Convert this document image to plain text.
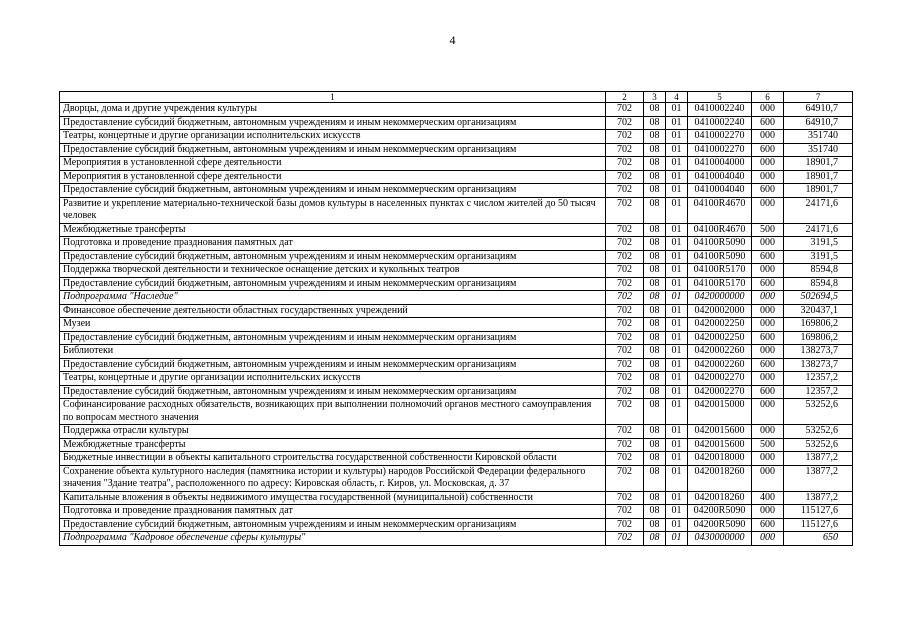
4
1	2	3	4	5	6	7
Дворцы, дома и другие учреждения культуры	702	08	01	0410002240	000	64910,7
Предоставление субсидий бюджетным, автономным учреждениям и иным некоммерческим организациям	702	08	01	0410002240	600	64910,7
Театры, концертные и другие организации исполнительских искусств	702	08	01	0410002270	000	351740
Предоставление субсидий бюджетным, автономным учреждениям и иным некоммерческим организациям	702	08	01	0410002270	600	351740
Мероприятия в установленной сфере деятельности	702	08	01	0410004000	000	18901,7
Мероприятия в установленной сфере деятельности	702	08	01	0410004040	000	18901,7
Предоставление субсидий бюджетным, автономным учреждениям и иным некоммерческим организациям	702	08	01	0410004040	600	18901,7
Развитие и укрепление материально-технической базы домов культуры в населенных пунктах с числом жителей до 50 тысяч человек	702	08	01	04100R4670	000	24171,6
Межбюджетные трансферты	702	08	01	04100R4670	500	24171,6
Подготовка и проведение празднования памятных дат	702	08	01	04100R5090	000	3191,5
Предоставление субсидий бюджетным, автономным учреждениям и иным некоммерческим организациям	702	08	01	04100R5090	600	3191,5
Поддержка творческой деятельности и техническое оснащение детских и кукольных театров	702	08	01	04100R5170	000	8594,8
Предоставление субсидий бюджетным, автономным учреждениям и иным некоммерческим организациям	702	08	01	04100R5170	600	8594,8
Подпрограмма "Наследие"	702	08	01	0420000000	000	502694,5
Финансовое обеспечение деятельности областных государственных учреждений	702	08	01	0420002000	000	320437,1
Музеи	702	08	01	0420002250	000	169806,2
Предоставление субсидий бюджетным, автономным учреждениям и иным некоммерческим организациям	702	08	01	0420002250	600	169806,2
Библиотеки	702	08	01	0420002260	000	138273,7
Предоставление субсидий бюджетным, автономным учреждениям и иным некоммерческим организациям	702	08	01	0420002260	600	138273,7
Театры, концертные и другие организации исполнительских искусств	702	08	01	0420002270	000	12357,2
Предоставление субсидий бюджетным, автономным учреждениям и иным некоммерческим организациям	702	08	01	0420002270	600	12357,2
Софинансирование расходных обязательств, возникающих при выполнении полномочий органов местного самоуправления по вопросам местного значения	702	08	01	0420015000	000	53252,6
Поддержка отрасли культуры	702	08	01	0420015600	000	53252,6
Межбюджетные трансферты	702	08	01	0420015600	500	53252,6
Бюджетные инвестиции в объекты капитального строительства государственной собственности Кировской области	702	08	01	0420018000	000	13877,2
Сохранение объекта культурного наследия (памятника истории и культуры) народов Российской Федерации федерального значения "Здание театра", расположенного по адресу: Кировская область, г. Киров, ул. Московская, д. 37	702	08	01	0420018260	000	13877,2
Капитальные вложения в объекты недвижимого имущества государственной (муниципальной) собственности	702	08	01	0420018260	400	13877,2
Подготовка и проведение празднования памятных дат	702	08	01	04200R5090	000	115127,6
Предоставление субсидий бюджетным, автономным учреждениям и иным некоммерческим организациям	702	08	01	04200R5090	600	115127,6
Подпрограмма "Кадровое обеспечение сферы культуры"	702	08	01	0430000000	000	650
